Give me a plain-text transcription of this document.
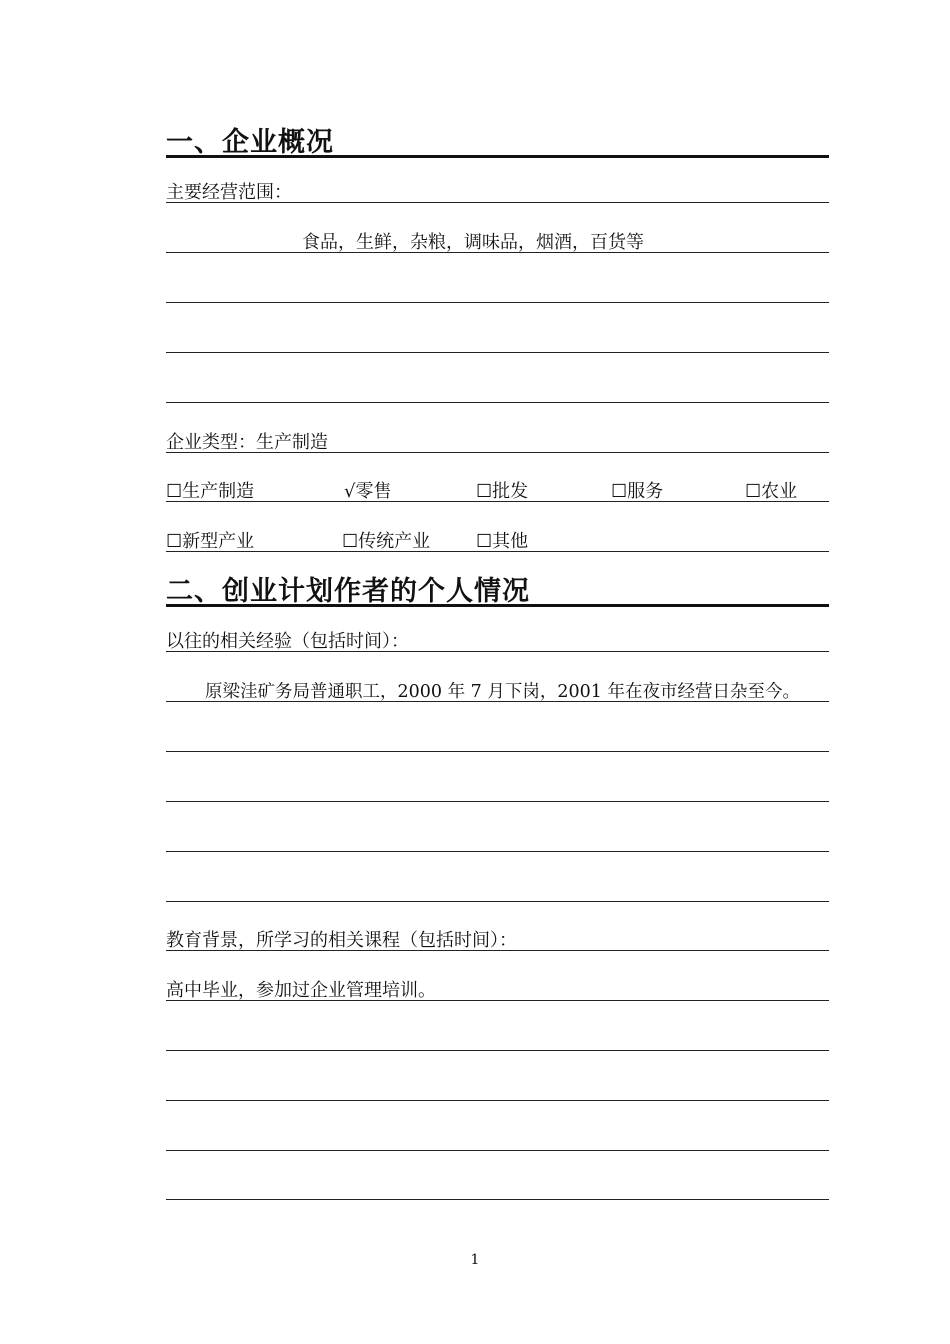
一、企业概况
主要经营范围：
食品，生鲜，杂粮，调味品，烟酒，百货等
企业类型：生产制造
☐生产制造	√零售	☐批发	☐服务	☐农业
☐新型产业	☐传统产业	☐其他
二、创业计划作者的个人情况
以往的相关经验（包括时间）：
原梁洼矿务局普通职工，2000 年 7 月下岗，2001 年在夜市经营日杂至今。
教育背景，所学习的相关课程（包括时间）：
高中毕业，参加过企业管理培训。
1
